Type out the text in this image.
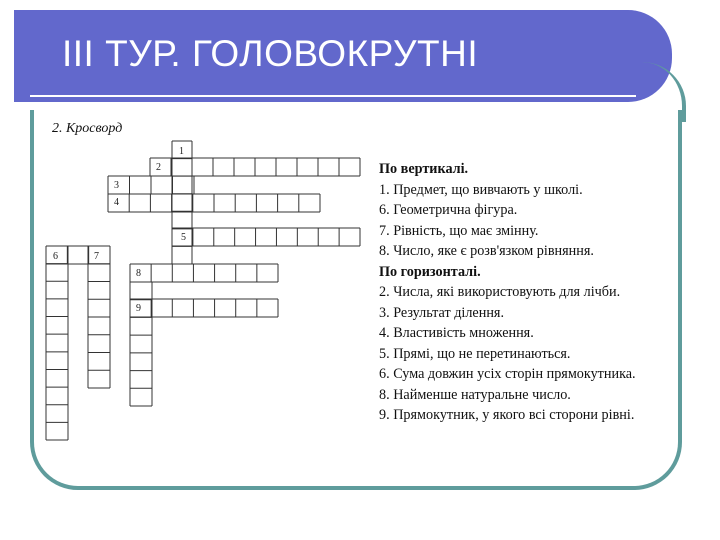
ІІІ ТУР. ГОЛОВОКРУТНІ
2. Кросворд
1
2
3
4
5
6	7
8
9
По вертикалі.
1. Предмет, що вивчають у школі.
6. Геометрична фігура.
7. Рівність, що має змінну.
8. Число, яке є розв'язком рівняння.
По горизонталі.
2. Числа, які використовують для лічби.
3. Результат ділення.
4. Властивість множення.
5. Прямі, що не перетинаються.
6. Сума довжин усіх сторін прямокутника.
8. Найменше натуральне число.
9. Прямокутник, у якого всі сторони рівні.
